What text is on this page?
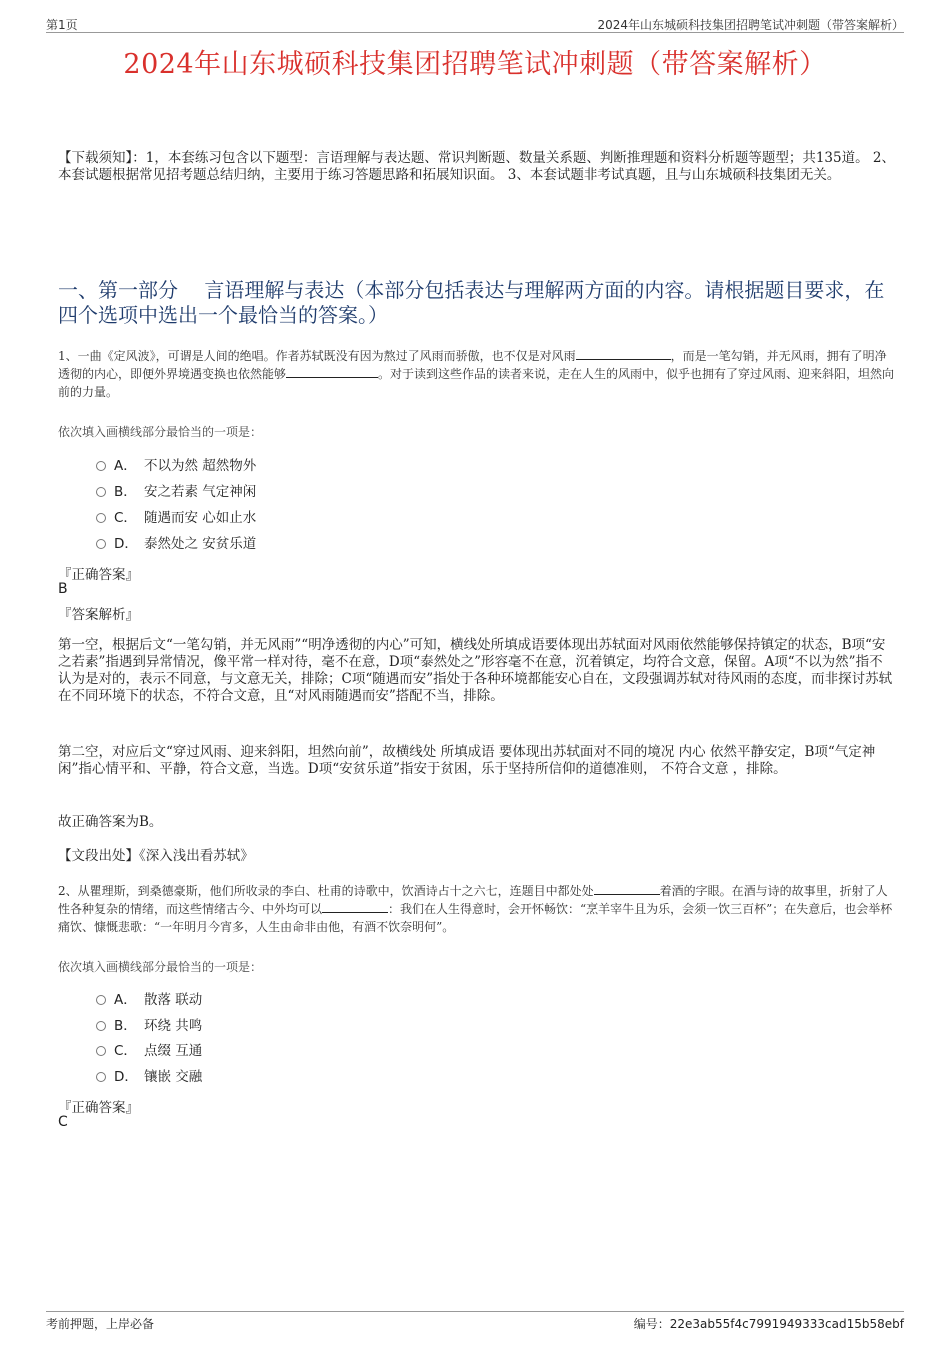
第1页	2024年山东城硕科技集团招聘笔试冲刺题（带答案解析）
2024年山东城硕科技集团招聘笔试冲刺题（带答案解析）
【下载须知】：1，本套练习包含以下题型：言语理解与表达题、常识判断题、数量关系题、判断推理题和资料分析题等题型；共135道。 2、本套试题根据常见招考题总结归纳，主要用于练习答题思路和拓展知识面。 3、本套试题非考试真题，且与山东城硕科技集团无关。
一、第一部分　 言语理解与表达（本部分包括表达与理解两方面的内容。请根据题目要求，在四个选项中选出一个最恰当的答案。）
1、一曲《定风波》，可谓是人间的绝唱。作者苏轼既没有因为熬过了风雨而骄傲，也不仅是对风雨	，而是一笔勾销，并无风雨，拥有了明净透彻的内心，即便外界境遇变换也依然能够	。对于读到这些作品的读者来说，走在人生的风雨中，似乎也拥有了穿过风雨、迎来斜阳，坦然向前的力量。
依次填入画横线部分最恰当的一项是：
A． 不以为然 超然物外
B． 安之若素 气定神闲
C． 随遇而安 心如止水
D． 泰然处之 安贫乐道
『正确答案』
B
『答案解析』
第一空，根据后文“一笔勾销，并无风雨”“明净透彻的内心”可知，横线处所填成语要体现出苏轼面对风雨依然能够保持镇定的状态，B项“安之若素”指遇到异常情况，像平常一样对待，毫不在意，D项“泰然处之”形容毫不在意，沉着镇定，均符合文意，保留。A项“不以为然”指不认为是对的，表示不同意，与文意无关，排除；C项“随遇而安”指处于各种环境都能安心自在，文段强调苏轼对待风雨的态度，而非探讨苏轼在不同环境下的状态，不符合文意，且“对风雨随遇而安”搭配不当，排除。
第二空，对应后文“穿过风雨、迎来斜阳，坦然向前”，故横线处 所填成语 要体现出苏轼面对不同的境况 内心 依然平静安定，B项“气定神闲”指心情平和、平静，符合文意，当选。D项“安贫乐道”指安于贫困，乐于坚持所信仰的道德准则， 不符合文意 ，排除。
故正确答案为B。
【文段出处】《深入浅出看苏轼》
2、从瞿理斯，到桑德豪斯，他们所收录的李白、杜甫的诗歌中，饮酒诗占十之六七，连题目中都处处	着酒的字眼。在酒与诗的故事里，折射了人性各种复杂的情绪，而这些情绪古今、中外均可以	：我们在人生得意时，会开怀畅饮：“烹羊宰牛且为乐，会须一饮三百杯”；在失意后，也会举杯痛饮、慷慨悲歌：“一年明月今宵多，人生由命非由他，有酒不饮奈明何”。
依次填入画横线部分最恰当的一项是：
A． 散落 联动
B． 环绕 共鸣
C． 点缀 互通
D． 镶嵌 交融
『正确答案』
C
考前押题，上岸必备	编号：22e3ab55f4c7991949333cad15b58ebf
